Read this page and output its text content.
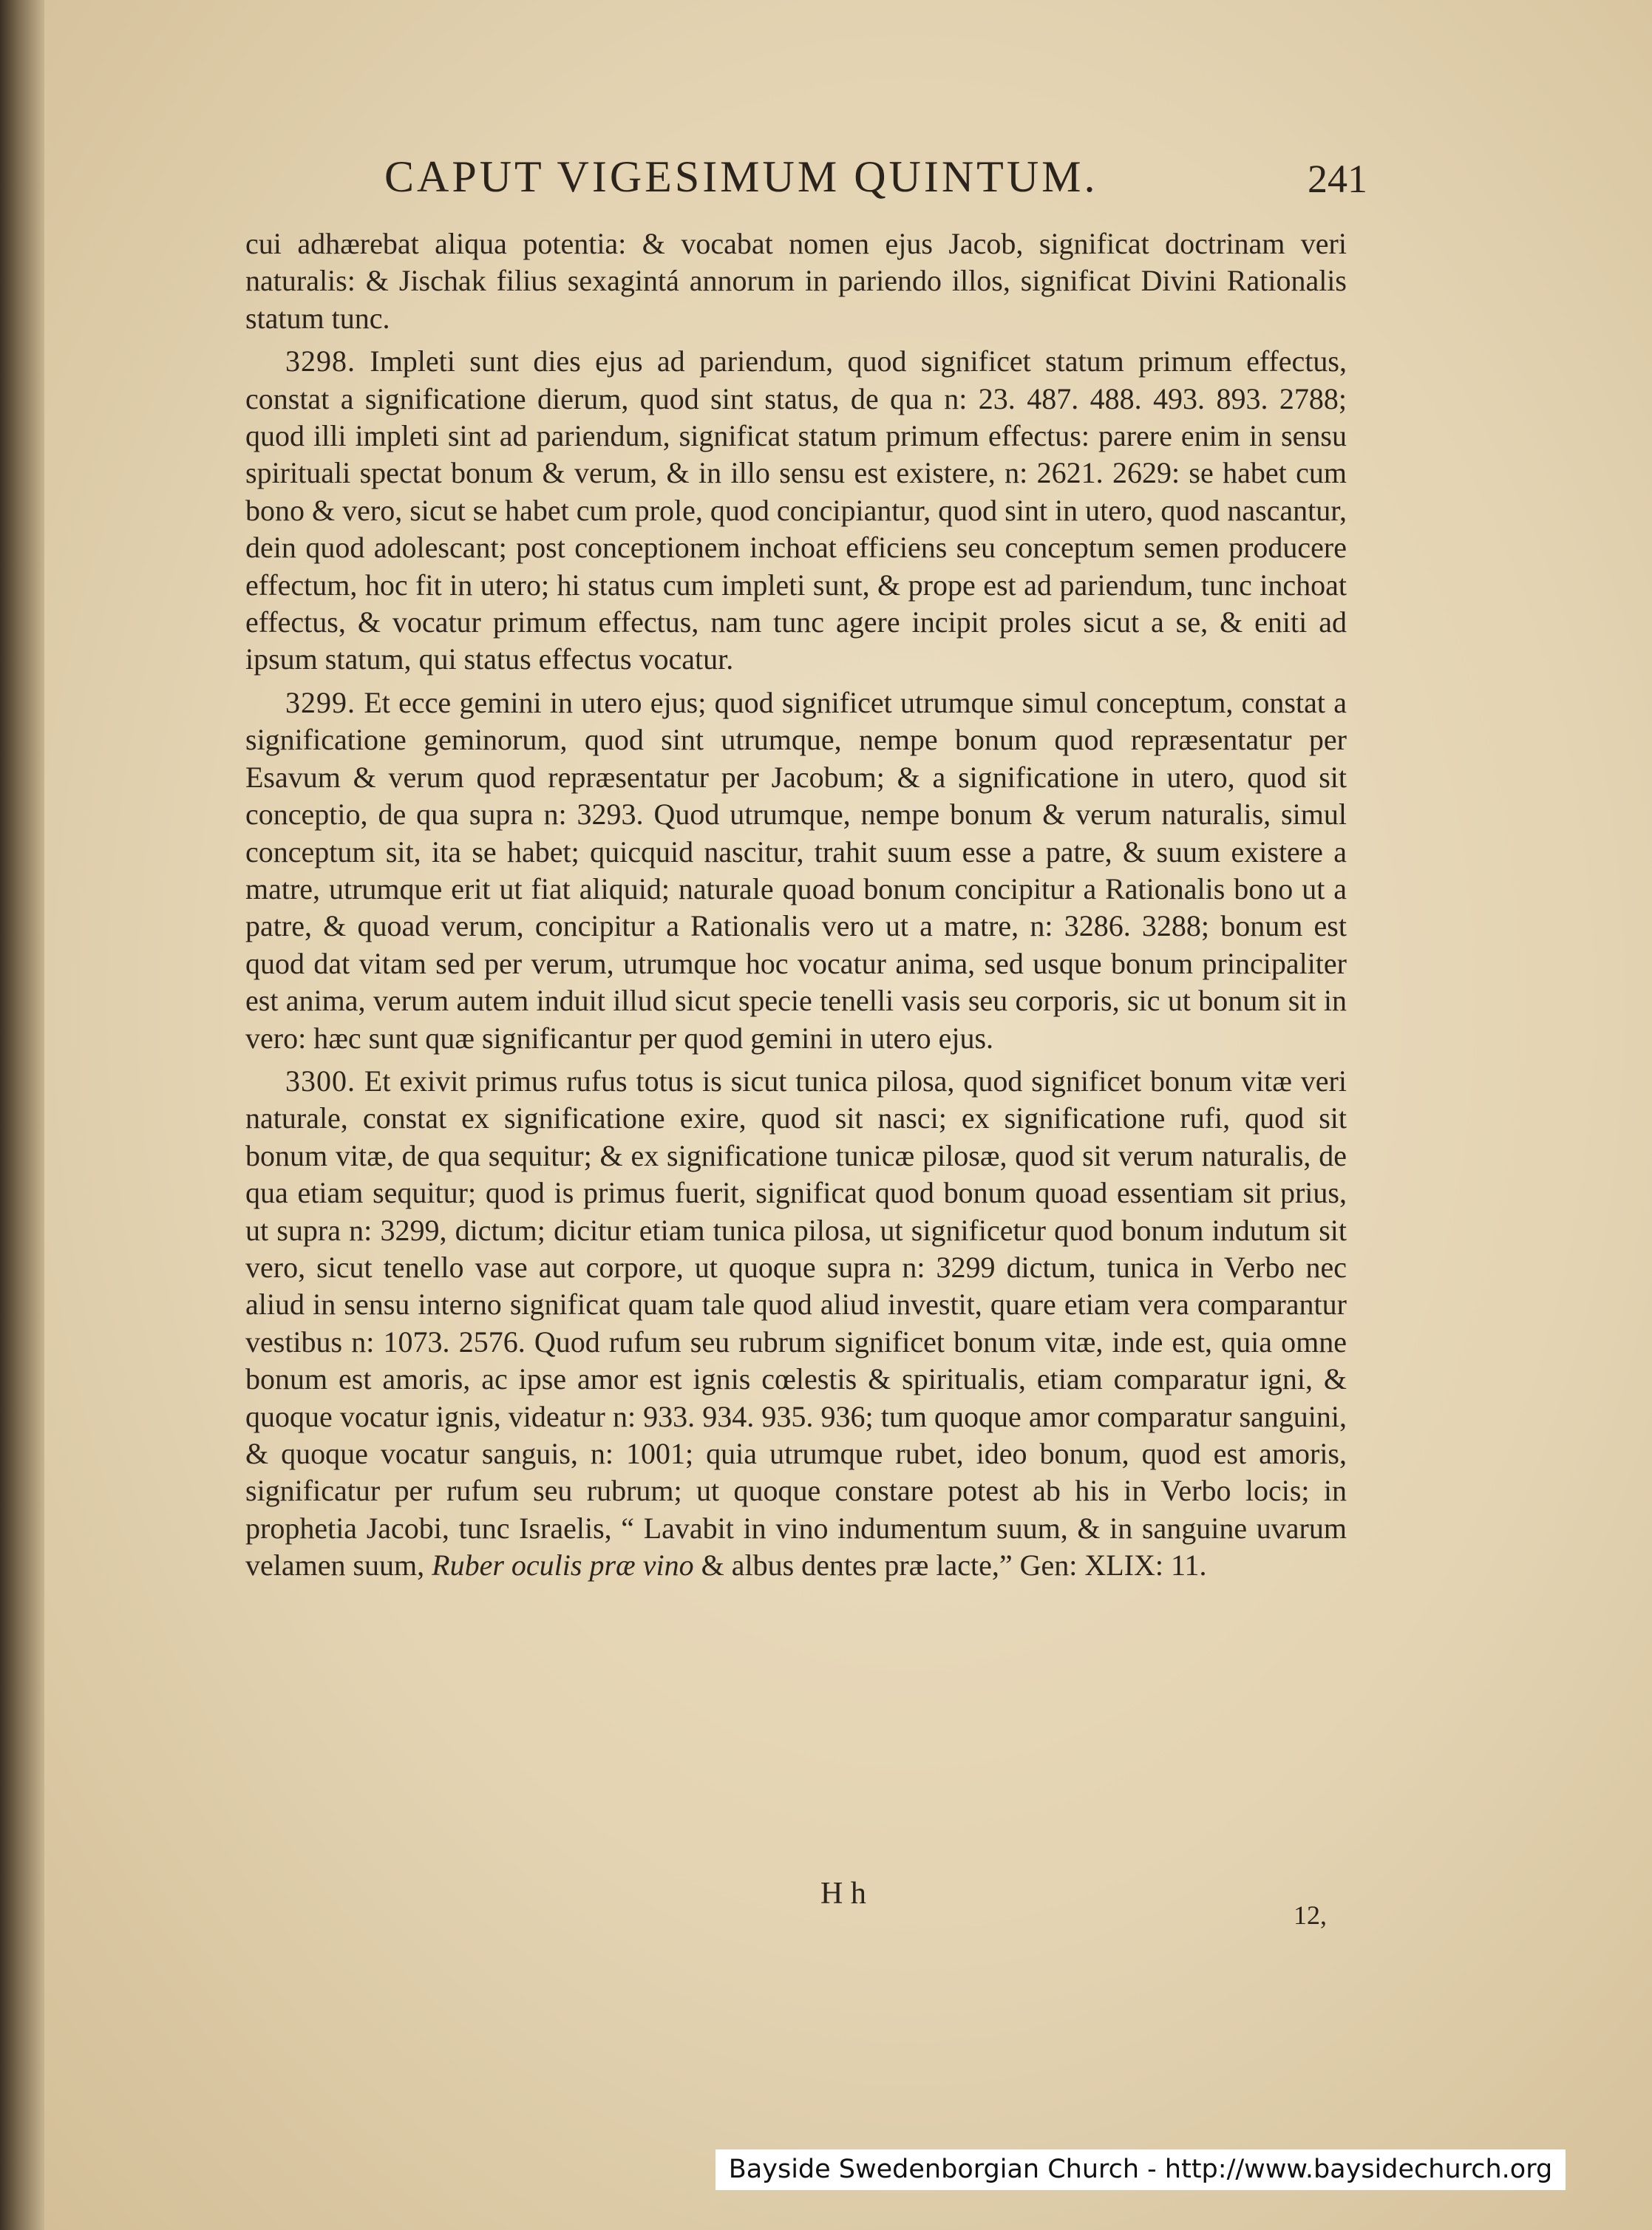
CAPUT VIGESIMUM QUINTUM.	241

cui adhærebat aliqua potentia: & vocabat nomen ejus Jacob, significat doctrinam veri naturalis: & Jischak filius sexagintá annorum in pariendo illos, significat Divini Rationalis statum tunc.

3298. Impleti sunt dies ejus ad pariendum, quod significet statum primum effectus, constat a significatione dierum, quod sint status, de qua n: 23. 487. 488. 493. 893. 2788; quod illi impleti sint ad pariendum, significat statum primum effectus: parere enim in sensu spirituali spectat bonum & verum, & in illo sensu est existere, n: 2621. 2629: se habet cum bono & vero, sicut se habet cum prole, quod concipiantur, quod sint in utero, quod nascantur, dein quod adolescant; post conceptionem inchoat efficiens seu conceptum semen producere effectum, hoc fit in utero; hi status cum impleti sunt, & prope est ad pariendum, tunc inchoat effectus, & vocatur primum effectus, nam tunc agere incipit proles sicut a se, & eniti ad ipsum statum, qui status effectus vocatur.

3299. Et ecce gemini in utero ejus; quod significet utrumque simul conceptum, constat a significatione geminorum, quod sint utrumque, nempe bonum quod repræsentatur per Esavum & verum quod repræsentatur per Jacobum; & a significatione in utero, quod sit conceptio, de qua supra n: 3293. Quod utrumque, nempe bonum & verum naturalis, simul conceptum sit, ita se habet; quicquid nascitur, trahit suum esse a patre, & suum existere a matre, utrumque erit ut fiat aliquid; naturale quoad bonum concipitur a Rationalis bono ut a patre, & quoad verum, concipitur a Rationalis vero ut a matre, n: 3286. 3288; bonum est quod dat vitam sed per verum, utrumque hoc vocatur anima, sed usque bonum principaliter est anima, verum autem induit illud sicut specie tenelli vasis seu corporis, sic ut bonum sit in vero: hæc sunt quæ significantur per quod gemini in utero ejus.

3300. Et exivit primus rufus totus is sicut tunica pilosa, quod significet bonum vitæ veri naturale, constat ex significatione exire, quod sit nasci; ex significatione rufi, quod sit bonum vitæ, de qua sequitur; & ex significatione tunicæ pilosæ, quod sit verum naturalis, de qua etiam sequitur; quod is primus fuerit, significat quod bonum quoad essentiam sit prius, ut supra n: 3299, dictum; dicitur etiam tunica pilosa, ut significetur quod bonum indutum sit vero, sicut tenello vase aut corpore, ut quoque supra n: 3299 dictum, tunica in Verbo nec aliud in sensu interno significat quam tale quod aliud investit, quare etiam vera comparantur vestibus n: 1073. 2576. Quod rufum seu rubrum significet bonum vitæ, inde est, quia omne bonum est amoris, ac ipse amor est ignis cœlestis & spiritualis, etiam comparatur igni, & quoque vocatur ignis, videatur n: 933. 934. 935. 936; tum quoque amor comparatur sanguini, & quoque vocatur sanguis, n: 1001; quia utrumque rubet, ideo bonum, quod est amoris, significatur per rufum seu rubrum; ut quoque constare potest ab his in Verbo locis; in prophetia Jacobi, tunc Israelis, “ Lavabit in vino indumentum suum, & in sanguine uvarum velamen suum, Ruber oculis præ vino & albus dentes præ lacte,” Gen: XLIX: 11.

H h
12,
Bayside Swedenborgian Church - http://www.baysidechurch.org
